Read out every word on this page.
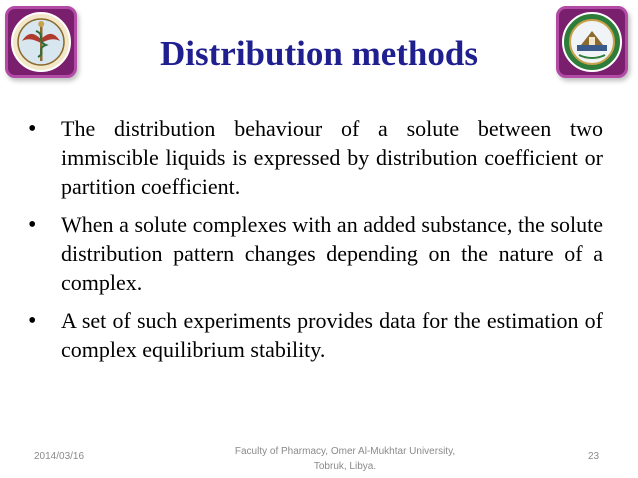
Distribution methods
• The distribution behaviour of a solute between two immiscible liquids is expressed by distribution coefficient or partition coefficient.
• When a solute complexes with an added substance, the solute distribution pattern changes depending on the nature of a complex.
• A set of such experiments provides data for the estimation of complex equilibrium stability.
2014/03/16	Faculty of Pharmacy, Omer Al-Mukhtar University,
Tobruk, Libya.
23
